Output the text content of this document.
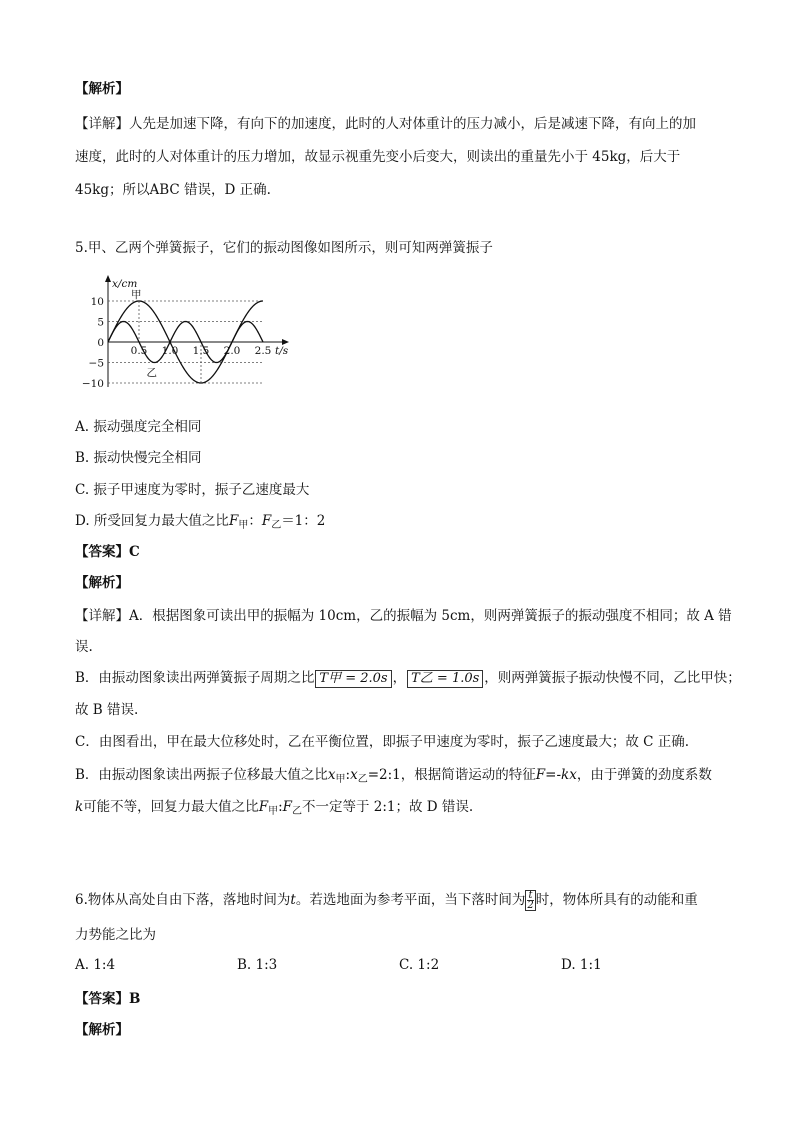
【解析】
【详解】人先是加速下降，有向下的加速度，此时的人对体重计的压力减小，后是减速下降，有向上的加
速度，此时的人对体重计的压力增加，故显示视重先变小后变大，则读出的重量先小于 45kg，后大于
45kg；所以ABC 错误，D 正确.
5.甲、乙两个弹簧振子，它们的振动图像如图所示，则可知两弹簧振子
x/cm
t/s
10
5
0
−5
−10
0.5 1.0 1.5 2.0 2.5
甲
乙
A. 振动强度完全相同
B. 振动快慢完全相同
C. 振子甲速度为零时，振子乙速度最大
D. 所受回复力最大值之比$F_甲$：$F_乙=1$：2
【答案】C
【解析】
【详解】A．根据图象可读出甲的振幅为 10cm，乙的振幅为 5cm，则两弹簧振子的振动强度不相同；故 A 错
误.
B．由振动图象读出两弹簧振子周期之比 T甲 = 2.0s ， T乙 = 1.0s ，则两弹簧振子振动快慢不同，乙比甲快；
故 B 错误.
C．由图看出，甲在最大位移处时，乙在平衡位置，即振子甲速度为零时，振子乙速度最大；故 C 正确.
B．由振动图象读出两振子位移最大值之比$x_甲:x_乙=2:1$，根据简谐运动的特征F=-kx，由于弹簧的劲度系数
k可能不等，回复力最大值之比$F_甲:F_乙$不一定等于 2:1；故 D 错误.
6.物体从高处自由下落，落地时间为t。若选地面为参考平面，当下落时间为 $\frac{t}{2}$ 时，物体所具有的动能和重
力势能之比为
A. 1:4	B. 1:3	C. 1:2	D. 1:1
【答案】B
【解析】
